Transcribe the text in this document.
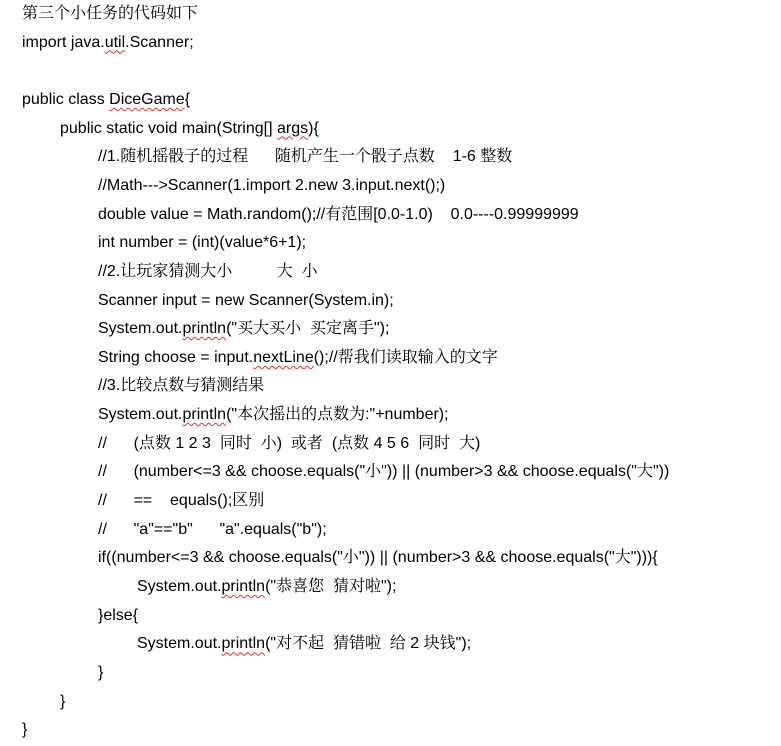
第三个小任务的代码如下
import java.util.Scanner;
public class DiceGame{
public static void main(String[] args){
//1.随机摇骰子的过程      随机产生一个骰子点数    1-6 整数
//Math--->Scanner(1.import 2.new 3.input.next();)
double value = Math.random();//有范围[0.0-1.0)    0.0----0.99999999
int number = (int)(value*6+1);
//2.让玩家猜测大小          大  小
Scanner input = new Scanner(System.in);
System.out.println("买大买小  买定离手");
String choose = input.nextLine();//帮我们读取输入的文字
//3.比较点数与猜测结果
System.out.println("本次摇出的点数为:"+number);
//      (点数 1 2 3  同时  小)  或者  (点数 4 5 6  同时  大)
//      (number<=3 && choose.equals("小")) || (number>3 && choose.equals("大"))
//      ==    equals();区别
//      "a"=="b"      "a".equals("b");
if((number<=3 && choose.equals("小")) || (number>3 && choose.equals("大"))){
System.out.println("恭喜您  猜对啦");
}else{
System.out.println("对不起  猜错啦  给 2 块钱");
}
}
}
